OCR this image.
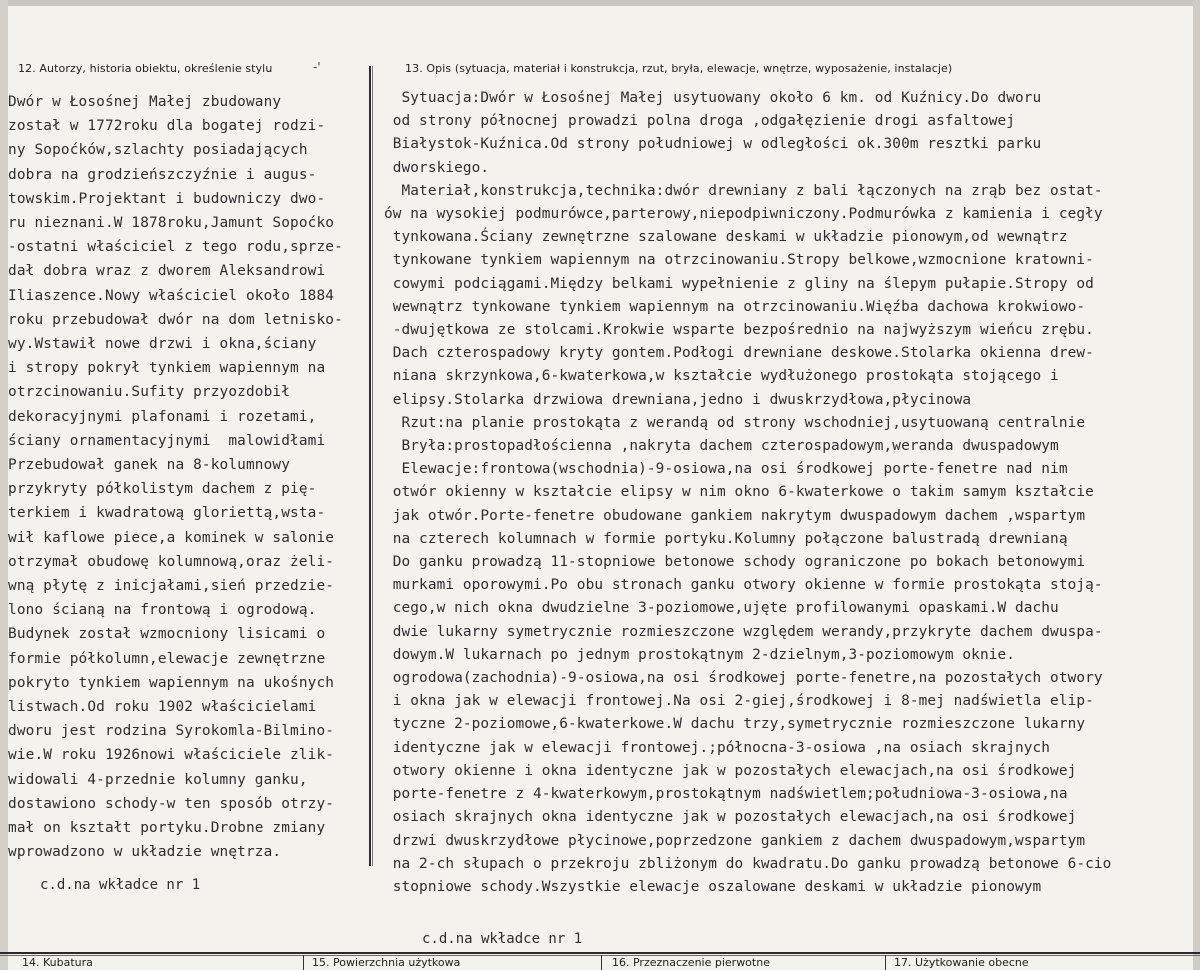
12. Autorzy, historia obiektu, określenie stylu	-'	13. Opis (sytuacja, materiał i konstrukcja, rzut, bryła, elewacje, wnętrze, wyposażenie, instalacje)
Dwór w Łosośnej Małej zbudowany
został w 1772roku dla bogatej rodzi-
ny Sopoćków,szlachty posiadających
dobra na grodzieńszczyźnie i augus-
towskim.Projektant i budowniczy dwo-
ru nieznani.W 1878roku,Jamunt Sopoćko
-ostatni właściciel z tego rodu,sprze-
dał dobra wraz z dworem Aleksandrowi
Iliaszence.Nowy właściciel około 1884
roku przebudował dwór na dom letnisko-
wy.Wstawił nowe drzwi i okna,ściany
i stropy pokrył tynkiem wapiennym na
otrzcinowaniu.Sufity przyozdobił
dekoracyjnymi plafonami i rozetami,
ściany ornamentacyjnymi  malowidłami
Przebudował ganek na 8-kolumnowy
przykryty półkolistym dachem z pię-
terkiem i kwadratową gloriettą,wsta-
wił kaflowe piece,a kominek w salonie
otrzymał obudowę kolumnową,oraz żeli-
wną płytę z inicjałami,sień przedzie-
lono ścianą na frontową i ogrodową.
Budynek został wzmocniony lisicami o
formie półkolumn,elewacje zewnętrzne
pokryto tynkiem wapiennym na ukośnych
listwach.Od roku 1902 właścicielami
dworu jest rodzina Syrokomla-Bilmino-
wie.W roku 1926nowi właściciele zlik-
widowali 4-przednie kolumny ganku,
dostawiono schody-w ten sposób otrzy-
mał on kształt portyku.Drobne zmiany
wprowadzono w układzie wnętrza.
c.d.na wkładce nr 1
Sytuacja:Dwór w Łosośnej Małej usytuowany około 6 km. od Kuźnicy.Do dworu
od strony północnej prowadzi polna droga ,odgałęzienie drogi asfaltowej
Białystok-Kuźnica.Od strony południowej w odległości ok.300m resztki parku
dworskiego.
Materiał,konstrukcja,technika:dwór drewniany z bali łączonych na zrąb bez ostat-
ów na wysokiej podmurówce,parterowy,niepodpiwniczony.Podmurówka z kamienia i cegły
tynkowana.Ściany zewnętrzne szalowane deskami w układzie pionowym,od wewnątrz
tynkowane tynkiem wapiennym na otrzcinowaniu.Stropy belkowe,wzmocnione kratowni-
cowymi podciągami.Między belkami wypełnienie z gliny na ślepym pułapie.Stropy od
wewnątrz tynkowane tynkiem wapiennym na otrzcinowaniu.Więźba dachowa krokwiowo-
-dwujętkowa ze stolcami.Krokwie wsparte bezpośrednio na najwyższym wieńcu zrębu.
Dach czterospadowy kryty gontem.Podłogi drewniane deskowe.Stolarka okienna drew-
niana skrzynkowa,6-kwaterkowa,w kształcie wydłużonego prostokąta stojącego i
elipsy.Stolarka drzwiowa drewniana,jedno i dwuskrzydłowa,płycinowa
Rzut:na planie prostokąta z werandą od strony wschodniej,usytuowaną centralnie
Bryła:prostopadłościenna ,nakryta dachem czterospadowym,weranda dwuspadowym
Elewacje:frontowa(wschodnia)-9-osiowa,na osi środkowej porte-fenetre nad nim
otwór okienny w kształcie elipsy w nim okno 6-kwaterkowe o takim samym kształcie
jak otwór.Porte-fenetre obudowane gankiem nakrytym dwuspadowym dachem ,wspartym
na czterech kolumnach w formie portyku.Kolumny połączone balustradą drewnianą
Do ganku prowadzą 11-stopniowe betonowe schody ograniczone po bokach betonowymi
murkami oporowymi.Po obu stronach ganku otwory okienne w formie prostokąta stoją-
cego,w nich okna dwudzielne 3-poziomowe,ujęte profilowanymi opaskami.W dachu
dwie lukarny symetrycznie rozmieszczone względem werandy,przykryte dachem dwuspa-
dowym.W lukarnach po jednym prostokątnym 2-dzielnym,3-poziomowym oknie.
ogrodowa(zachodnia)-9-osiowa,na osi środkowej porte-fenetre,na pozostałych otwory
i okna jak w elewacji frontowej.Na osi 2-giej,środkowej i 8-mej nadświetla elip-
tyczne 2-poziomowe,6-kwaterkowe.W dachu trzy,symetrycznie rozmieszczone lukarny
identyczne jak w elewacji frontowej.;północna-3-osiowa ,na osiach skrajnych
otwory okienne i okna identyczne jak w pozostałych elewacjach,na osi środkowej
porte-fenetre z 4-kwaterkowym,prostokątnym nadświetlem;południowa-3-osiowa,na
osiach skrajnych okna identyczne jak w pozostałych elewacjach,na osi środkowej
drzwi dwuskrzydłowe płycinowe,poprzedzone gankiem z dachem dwuspadowym,wspartym
na 2-ch słupach o przekroju zbliżonym do kwadratu.Do ganku prowadzą betonowe 6-cio
stopniowe schody.Wszystkie elewacje oszalowane deskami w układzie pionowym
c.d.na wkładce nr 1
14. Kubatura	15. Powierzchnia użytkowa	16. Przeznaczenie pierwotne	17. Użytkowanie obecne
